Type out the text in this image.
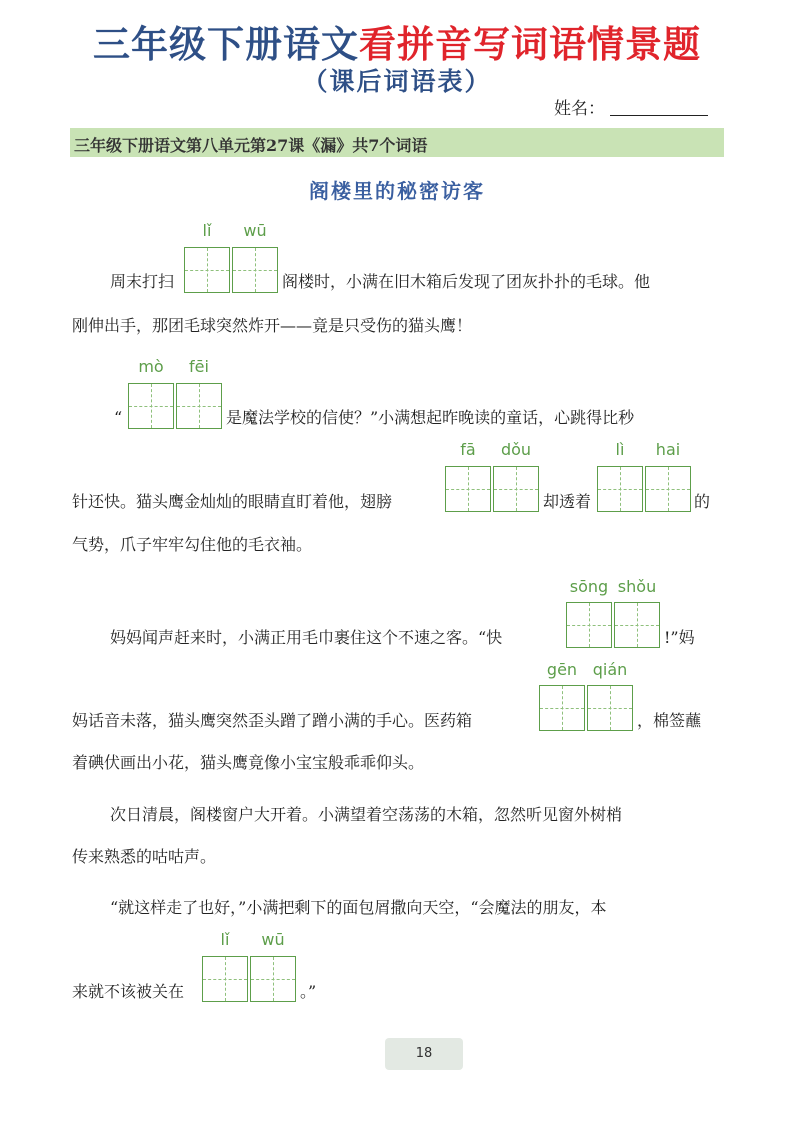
三年级下册语文看拼音写词语情景题
（课后词语表）
姓名：
三年级下册语文第八单元第27课《漏》共7个词语
阁楼里的秘密访客
lǐ	wū
周末打扫	阁楼时，小满在旧木箱后发现了团灰扑扑的毛球。他
刚伸出手，那团毛球突然炸开——竟是只受伤的猫头鹰！
mò	fēi
“	是魔法学校的信使？”小满想起昨晚读的童话，心跳得比秒
fā	dǒu	lì	hai
针还快。猫头鹰金灿灿的眼睛直盯着他，翅膀	却透着	的
气势，爪子牢牢勾住他的毛衣袖。
sōng shǒu
妈妈闻声赶来时，小满正用毛巾裹住这个不速之客。“快	!”妈
gēn qián
妈话音未落，猫头鹰突然歪头蹭了蹭小满的手心。医药箱	，棉签蘸
着碘伏画出小花，猫头鹰竟像小宝宝般乖乖仰头。
次日清晨，阁楼窗户大开着。小满望着空荡荡的木箱，忽然听见窗外树梢
传来熟悉的咕咕声。
“就这样走了也好，”小满把剩下的面包屑撒向天空，“会魔法的朋友，本
lǐ	wū
来就不该被关在	。”
18
